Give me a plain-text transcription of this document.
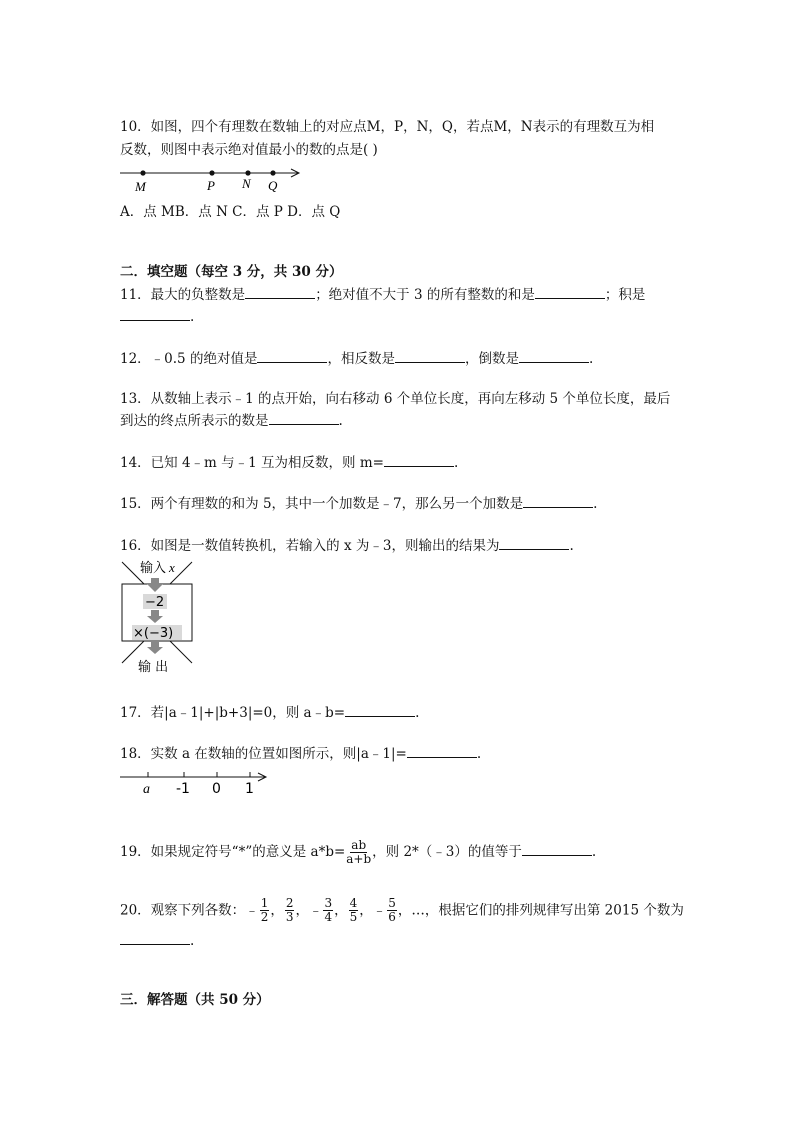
10．如图，四个有理数在数轴上的对应点M，P，N，Q，若点M，N表示的有理数互为相
反数，则图中表示绝对值最小的数的点是( )
M	P N Q
A．点 MB．点 N C．点 P D．点 Q
二．填空题（每空 3 分，共 30 分）
11．最大的负整数是	；绝对值不大于 3 的所有整数的和是	；积是
.
12．﹣0.5 的绝对值是	，相反数是	，倒数是	.
13．从数轴上表示﹣1 的点开始，向右移动 6 个单位长度，再向左移动 5 个单位长度，最后
到达的终点所表示的数是	.
14．已知 4﹣m 与﹣1 互为相反数，则 m=	.
15．两个有理数的和为 5，其中一个加数是﹣7，那么另一个加数是	.
16．如图是一数值转换机，若输入的 x 为﹣3，则输出的结果为	.
输入 x
−2
×(−3)
输 出
17．若|a﹣1|+|b+3|=0，则 a﹣b=	.
18．实数 a 在数轴的位置如图所示，则|a﹣1|=	.
a -1 0 1
19．如果规定符号“*”的意义是 $a*b= \frac{ab}{a+b}$ ，则 2*（﹣3）的值等于	.
20．观察下列各数：﹣ $\frac{1}{2}$ ， $\frac{2}{3}$ ，﹣ $\frac{3}{4}$ ， $\frac{4}{5}$ ，﹣ $\frac{5}{6}$ ，…，根据它们的排列规律写出第 2015 个数为
.
三．解答题（共 50 分）
